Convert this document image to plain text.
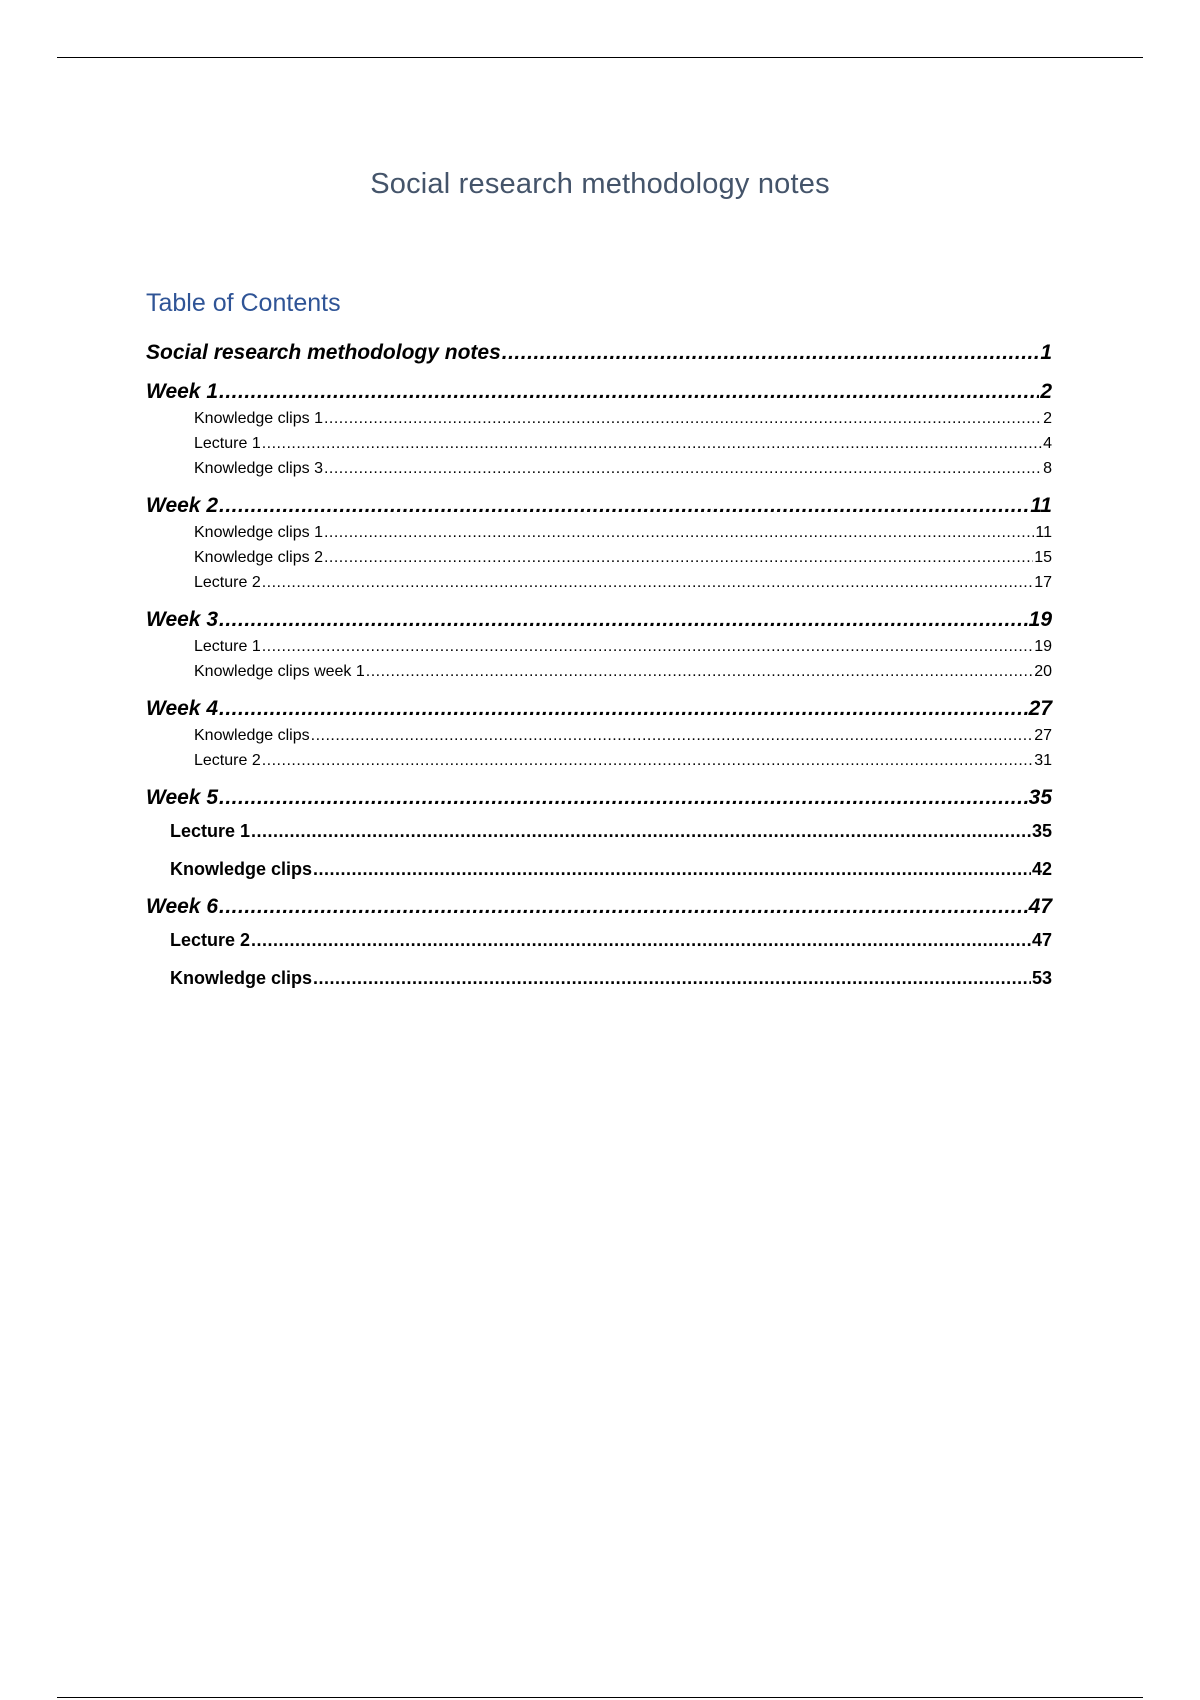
Social research methodology notes
Table of Contents
Social research methodology notes .....	1
Week 1 .....	2
Knowledge clips 1 .....	2
Lecture 1 .....	4
Knowledge clips 3 .....	8
Week 2 .....	11
Knowledge clips 1 .....	11
Knowledge clips 2 .....	15
Lecture 2 .....	17
Week 3 .....	19
Lecture 1 .....	19
Knowledge clips week 1 .....	20
Week 4 .....	27
Knowledge clips .....	27
Lecture 2 .....	31
Week 5 .....	35
Lecture 1 .....	35
Knowledge clips .....	42
Week 6 .....	47
Lecture 2 .....	47
Knowledge clips .....	53
